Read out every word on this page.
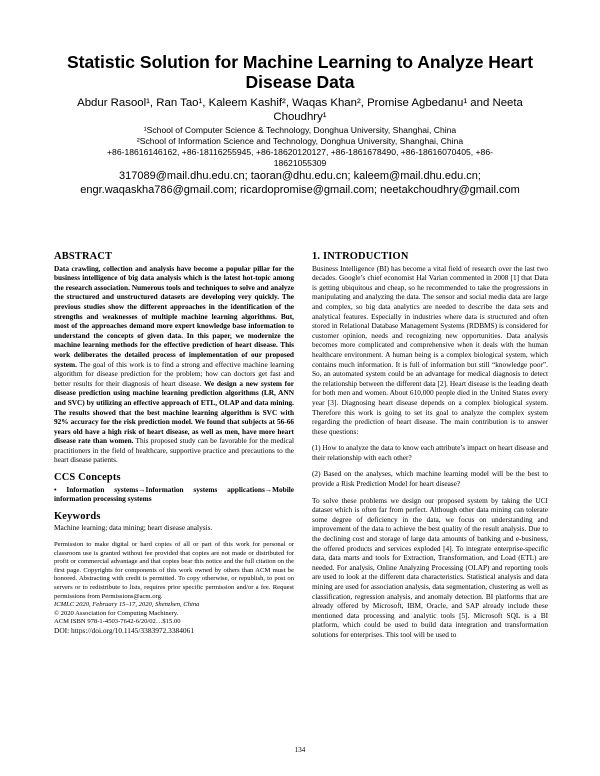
Statistic Solution for Machine Learning to Analyze Heart Disease Data
Abdur Rasool¹, Ran Tao¹, Kaleem Kashif², Waqas Khan², Promise Agbedanu¹ and Neeta
Choudhry¹
¹School of Computer Science & Technology, Donghua University, Shanghai, China
²School of Information Science and Technology, Donghua University, Shanghai, China
+86-18616146162, +86-18116255945, +86-18620120127, +86-1861678490, +86-18616070405, +86-
18621055309
317089@mail.dhu.edu.cn; taoran@dhu.edu.cn; kaleem@mail.dhu.edu.cn;
engr.waqaskha786@gmail.com; ricardopromise@gmail.com; neetakchoudhry@gmail.com
ABSTRACT

Data crawling, collection and analysis have become a popular pillar for the business intelligence of big data analysis which is the latest hot-topic among the research association. Numerous tools and techniques to solve and analyze the structured and unstructured datasets are developing very quickly. The previous studies show the different approaches in the identification of the strengths and weaknesses of multiple machine learning algorithms. But, most of the approaches demand more expert knowledge base information to understand the concepts of given data. In this paper, we modernize the machine learning methods for the effective prediction of heart disease. This work deliberates the detailed process of implementation of our proposed system. The goal of this work is to find a strong and effective machine learning algorithm for disease prediction for the problem; how can doctors get fast and better results for their diagnosis of heart disease. We design a new system for disease prediction using machine learning prediction algorithms (LR, ANN and SVC) by utilizing an effective approach of ETL, OLAP and data mining. The results showed that the best machine learning algorithm is SVC with 92% accuracy for the risk prediction model. We found that subjects at 56-66 years old have a high risk of heart disease, as well as men, have more heart disease rate than women. This proposed study can be favorable for the medical practitioners in the field of healthcare, supportive practice and precautions to the heart disease patients.

CCS Concepts

• Information systems→Information systems applications→Mobile information processing systems

Keywords

Machine learning; data mining; heart disease analysis.

Permission to make digital or hard copies of all or part of this work for personal or classroom use is granted without fee provided that copies are not made or distributed for profit or commercial advantage and that copies bear this notice and the full citation on the first page. Copyrights for components of this work owned by others than ACM must be honored. Abstracting with credit is permitted. To copy otherwise, or republish, to post on servers or to redistribute to lists, requires prior specific permission and/or a fee. Request permissions from Permissions@acm.org.

ICMLC 2020, February 15–17, 2020, Shenzhen, China
© 2020 Association for Computing Machinery.
ACM ISBN 978-1-4503-7642-6/20/02…$15.00
DOI: https://doi.org/10.1145/3383972.3384061
1. INTRODUCTION

Business Intelligence (BI) has become a vital field of research over the last two decades. Google’s chief economist Hal Varian commented in 2008 [1] that Data is getting ubiquitous and cheap, so he recommended to take the progressions in manipulating and analyzing the data. The sensor and social media data are large and complex, so big data analytics are needed to describe the data sets and analytical features. Especially in industries where data is structured and often stored in Relational Database Management Systems (RDBMS) is considered for customer opinion, needs and recognizing new opportunities. Data analysis becomes more complicated and comprehensive when it deals with the human healthcare environment. A human being is a complex biological system, which contains much information. It is full of information but still “knowledge poor”. So, an automated system could be an advantage for medical diagnosis to detect the relationship between the different data [2]. Heart disease is the leading death for both men and women. About 610,000 people died in the United States every year [3]. Diagnosing heart disease depends on a complex biological system. Therefore this work is going to set its goal to analyze the complex system regarding the prediction of heart disease. The main contribution is to answer these questions:

(1) How to analyze the data to know each attribute’s impact on heart disease and their relationship with each other?

(2) Based on the analyses, which machine learning model will be the best to provide a Risk Prediction Model for heart disease?

To solve these problems we design our proposed system by taking the UCI dataset which is often far from perfect. Although other data mining can tolerate some degree of deficiency in the data, we focus on understanding and improvement of the data to achieve the best quality of the result analysis. Due to the declining cost and storage of large data amounts of banking and e-business, the offered products and services exploded [4]. To integrate enterprise-specific data, data marts and tools for Extraction, Transformation, and Load (ETL) are needed. For analysis, Online Analyzing Processing (OLAP) and reporting tools are used to look at the different data characteristics. Statistical analysis and data mining are used for association analysis, data segmentation, clustering as well as classification, regression analysis, and anomaly detection. BI platforms that are already offered by Microsoft, IBM, Oracle, and SAP already include these mentioned data processing and analytic tools [5]. Microsoft SQL is a BI platform, which could be used to build data integration and transformation solutions for enterprises. This tool will be used to

134
